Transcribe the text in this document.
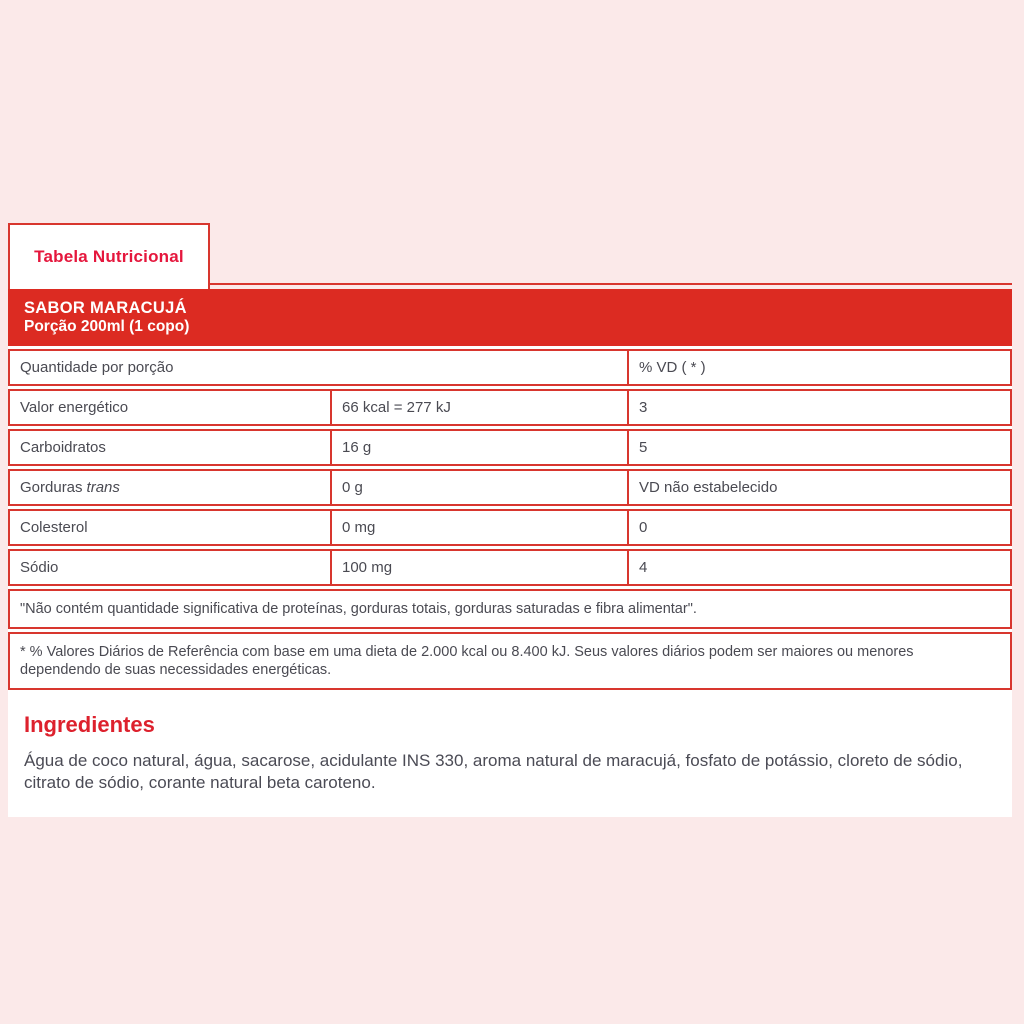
Tabela Nutricional
SABOR MARACUJÁ
Porção 200ml (1 copo)
Quantidade por porção	% VD ( * )
Valor energético	66 kcal = 277 kJ	3
Carboidratos	16 g	5
Gorduras trans	0 g	VD não estabelecido
Colesterol	0 mg	0
Sódio	100 mg	4
"Não contém quantidade significativa de proteínas, gorduras totais, gorduras saturadas e fibra alimentar".
* % Valores Diários de Referência com base em uma dieta de 2.000 kcal ou 8.400 kJ. Seus valores diários podem ser maiores ou menores dependendo de suas necessidades energéticas.
Ingredientes

Água de coco natural, água, sacarose, acidulante INS 330, aroma natural de maracujá, fosfato de potássio, cloreto de sódio, citrato de sódio, corante natural beta caroteno.
